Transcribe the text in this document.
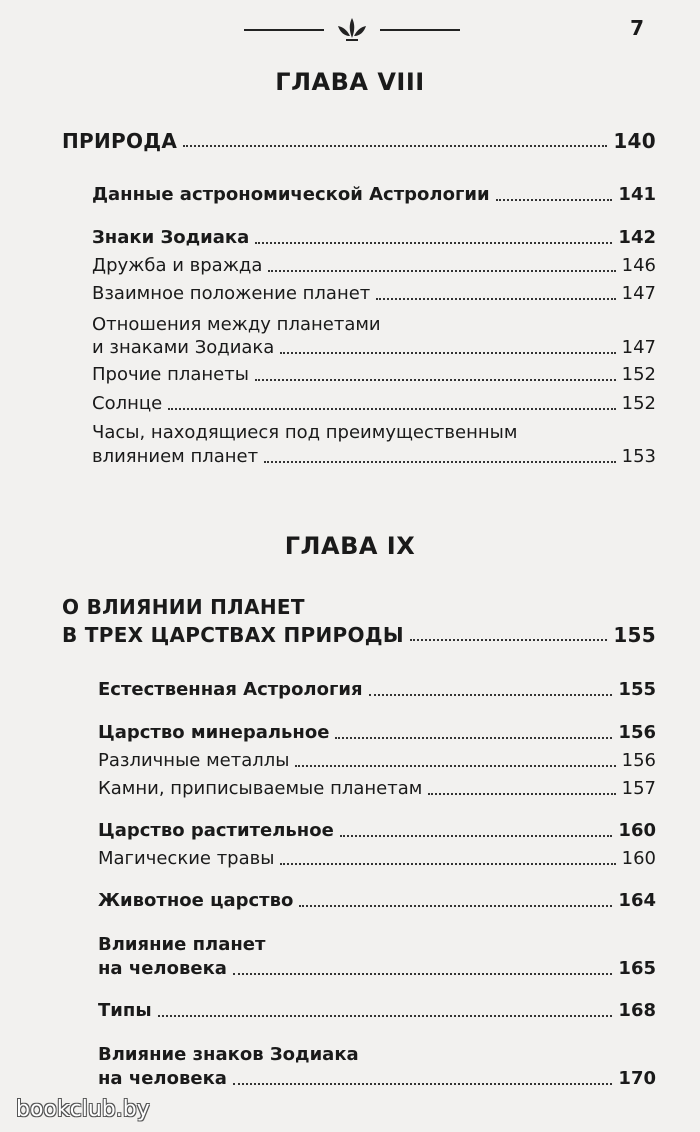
7
ГЛАВА VIII
ПРИРОДА	140
Данные астрономической Астрологии	141
Знаки Зодиака	142
Дружба и вражда	146
Взаимное положение планет	147
Отношения между планетами
и знаками Зодиака	147
Прочие планеты	152
Солнце	152
Часы, находящиеся под преимущественным
влиянием планет	153
ГЛАВА IX
О ВЛИЯНИИ ПЛАНЕТ
В ТРЕХ ЦАРСТВАХ ПРИРОДЫ	155
Естественная Астрология	155
Царство минеральное	156
Различные металлы	156
Камни, приписываемые планетам	157
Царство растительное	160
Магические травы	160
Животное царство	164
Влияние планет
на человека	165
Типы	168
Влияние знаков Зодиака
на человека	170
bookclub.by
